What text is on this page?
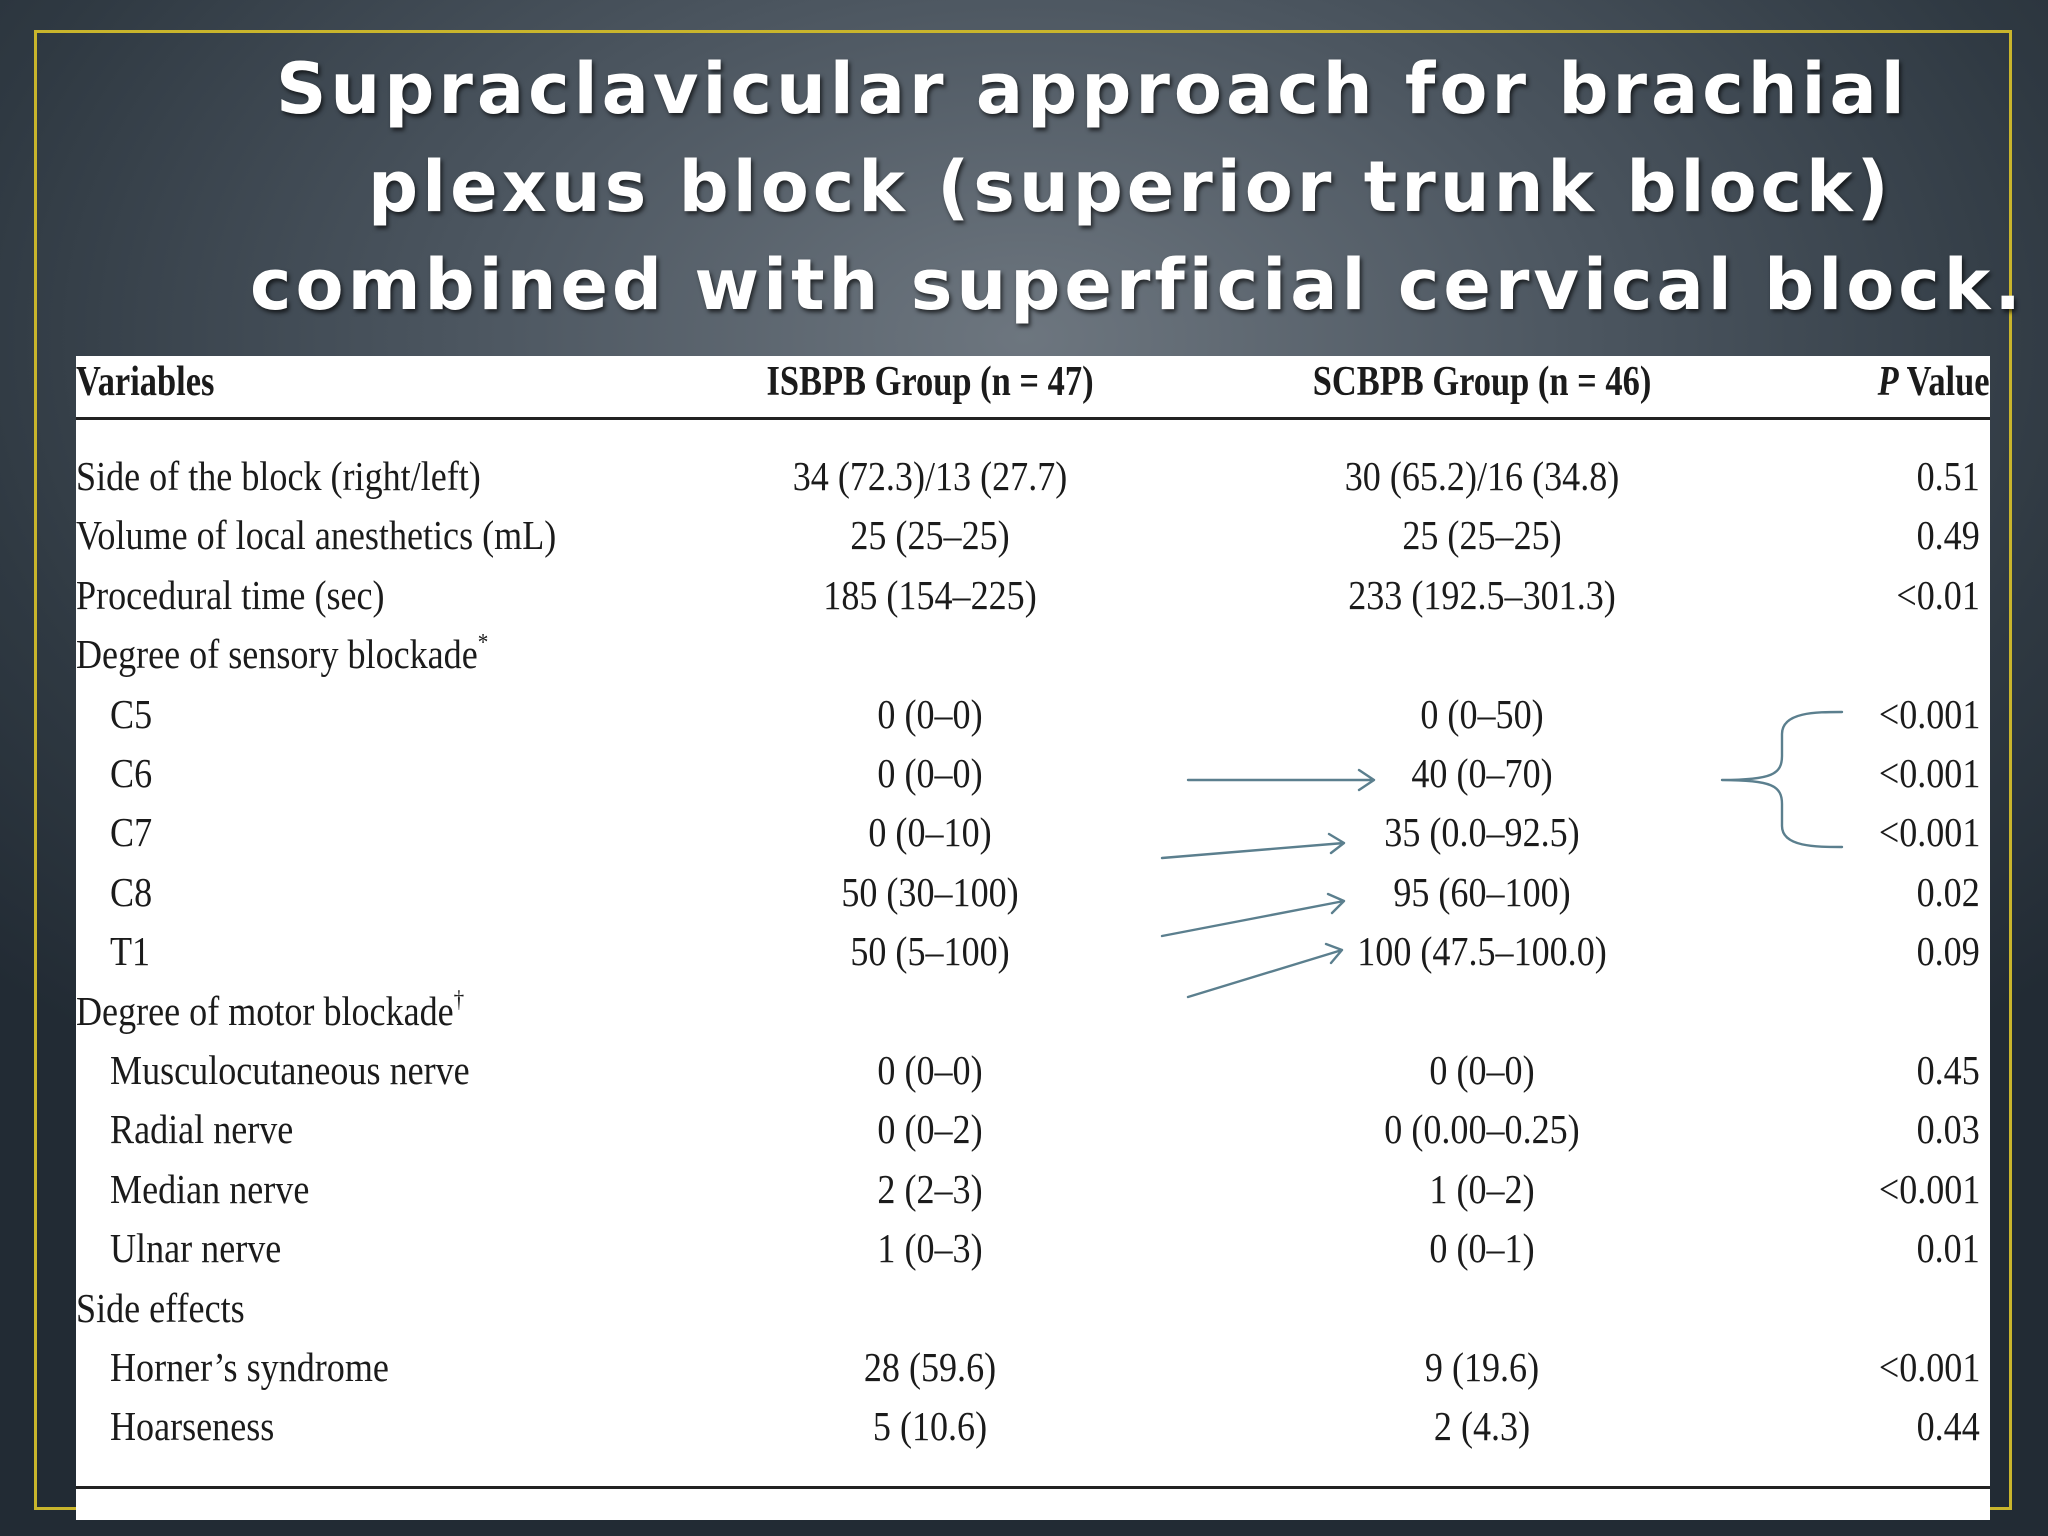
Supraclavicular approach for brachial
plexus block (superior trunk block)
combined with superficial cervical block.
Variables	ISBPB Group (n = 47)	SCBPB Group (n = 46)	P Value
Side of the block (right/left)	34 (72.3)/13 (27.7)	30 (65.2)/16 (34.8)	0.51
Volume of local anesthetics (mL)	25 (25–25)	25 (25–25)	0.49
Procedural time (sec)	185 (154–225)	233 (192.5–301.3)	<0.01
Degree of sensory blockade*
C5	0 (0–0)	0 (0–50)	<0.001
C6	0 (0–0)	40 (0–70)	<0.001
C7	0 (0–10)	35 (0.0–92.5)	<0.001
C8	50 (30–100)	95 (60–100)	0.02
T1	50 (5–100)	100 (47.5–100.0)	0.09
Degree of motor blockade†
Musculocutaneous nerve	0 (0–0)	0 (0–0)	0.45
Radial nerve	0 (0–2)	0 (0.00–0.25)	0.03
Median nerve	2 (2–3)	1 (0–2)	<0.001
Ulnar nerve	1 (0–3)	0 (0–1)	0.01
Side effects
Horner’s syndrome	28 (59.6)	9 (19.6)	<0.001
Hoarseness	5 (10.6)	2 (4.3)	0.44
